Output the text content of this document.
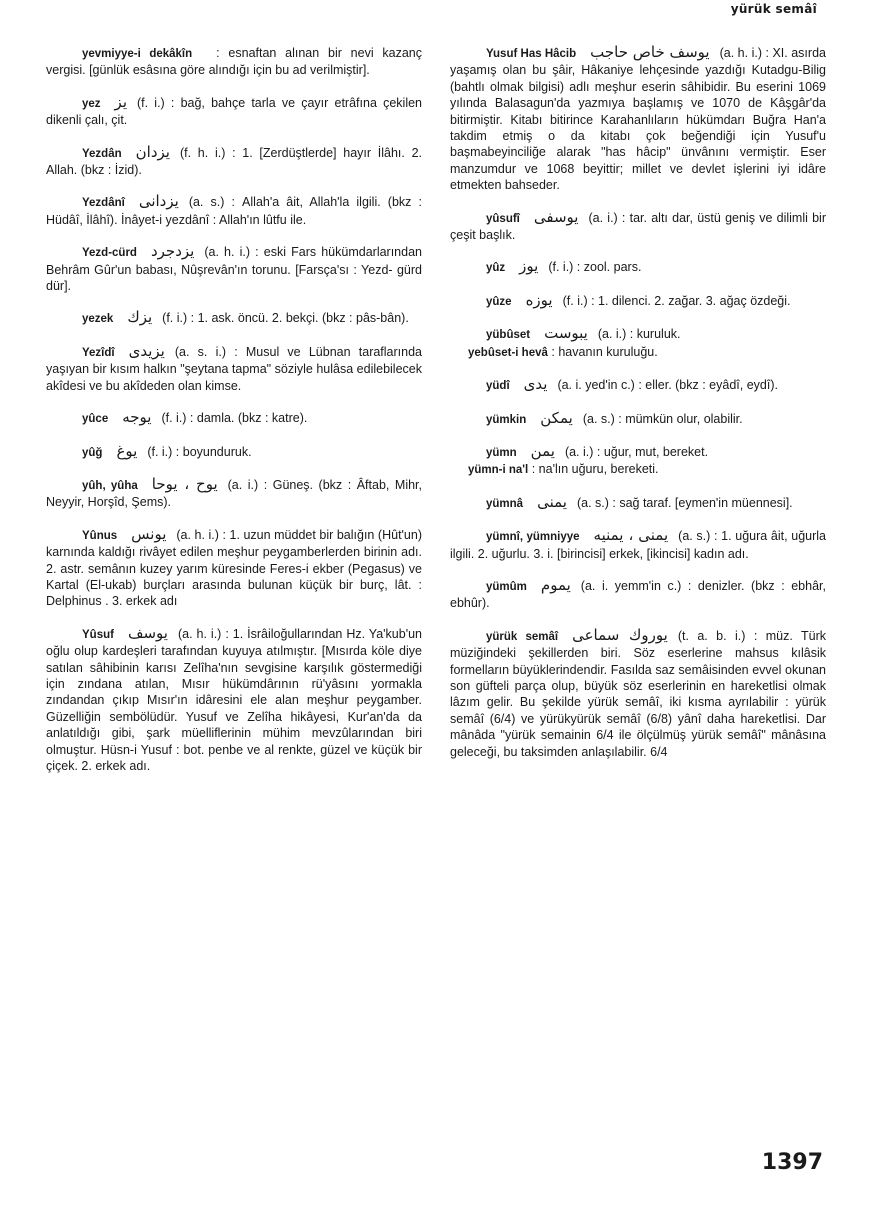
yürük semâî
yevmiyye-i dekâkîn : esnaftan alınan bir nevi kazanç vergisi. [günlük esâsına göre alındığı için bu ad verilmiştir].
yez يز (f. i.) : bağ, bahçe tarla ve çayır etrâfına çekilen dikenli çalı, çit.
Yezdân يزدان (f. h. i.) : 1. [Zerdüştlerde] hayır İlâhı. 2. Allah. (bkz : İzid).
Yezdânî يزدانى (a. s.) : Allah'a âit, Allah'la ilgili. (bkz : Hüdâî, İlâhî). İnâyet-i yezdânî : Allah'ın lûtfu ile.
Yezd-cürd يزدجرد (a. h. i.) : eski Fars hükümdarlarından Behrâm Gûr'un babası, Nûşrevân'ın torunu. [Farsça'sı : Yezd- gürd dür].
yezek يزك (f. i.) : 1. ask. öncü. 2. bekçi. (bkz : pâs-bân).
Yezîdî يزيدى (a. s. i.) : Musul ve Lübnan taraflarında yaşıyan bir kısım halkın "şeytana tapma" söziyle hulâsa edilebilecek akîdesi ve bu akîdeden olan kimse.
yûce يوجه (f. i.) : damla. (bkz : katre).
yûğ يوغ (f. i.) : boyunduruk.
yûh, yûha يوح ، يوحا (a. i.) : Güneş. (bkz : Âftab, Mihr, Neyyir, Horşîd, Şems).
Yûnus يونس (a. h. i.) : 1. uzun müddet bir balığın (Hût'un) karnında kaldığı rivâyet edilen meşhur peygamberlerden birinin adı. 2. astr. semânın kuzey yarım küresinde Feres-i ekber (Pegasus) ve Kartal (El-ukab) burçları arasında bulunan küçük bir burç, lât. : Delphinus . 3. erkek adı
Yûsuf يوسف (a. h. i.) : 1. İsrâiloğullarından Hz. Ya'kub'un oğlu olup kardeşleri tarafından kuyuya atılmıştır. [Mısırda köle diye satılan sâhibinin karısı Zelîha'nın sevgisine karşılık göstermediği için zındana atılan, Mısır hükümdârının rü'yâsını yormakla zındandan çıkıp Mısır'ın idâresini ele alan meşhur peygamber. Güzelliğin sembölüdür. Yusuf ve Zelîha hikâyesi, Kur'an'da da anlatıldığı gibi, şark müelliflerinin mühim mevzûlarından biri olmuştur. Hüsn-i Yusuf : bot. penbe ve al renkte, güzel ve küçük bir çiçek. 2. erkek adı.
Yusuf Has Hâcib يوسف خاص حاجب (a. h. i.) : XI. asırda yaşamış olan bu şâir, Hâkaniye lehçesinde yazdığı Kutadgu-Bilig (bahtlı olmak bilgisi) adlı meşhur eserin sâhibidir. Bu eserini 1069 yılında Balasagun'da yazmıya başlamış ve 1070 de Kâşgâr'da bitirmiştir. Kitabı bitirince Karahanlıların hükümdarı Buğra Han'a takdim etmiş o da kitabı çok beğendiği için Yusuf'u başmabeyinciliğe alarak "has hâcip" ünvânını vermiştir. Eser manzumdur ve 1068 beyittir; millet ve devlet işlerini iyi idâre etmekten bahseder.
yûsufî يوسفى (a. i.) : tar. altı dar, üstü geniş ve dilimli bir çeşit başlık.
yûz يوز (f. i.) : zool. pars.
yûze يوزه (f. i.) : 1. dilenci. 2. zağar. 3. ağaç özdeği.
yübûset يبوست (a. i.) : kuruluk.
yebûset-i hevâ : havanın kuruluğu.
yüdî يدى (a. i. yed'in c.) : eller. (bkz : eyâdî, eydî).
yümkin يمكن (a. s.) : mümkün olur, olabilir.
yümn يمن (a. i.) : uğur, mut, bereket.
yümn-i na'l : na'lın uğuru, bereketi.
yümnâ يمنى (a. s.) : sağ taraf. [eymen'in müennesi].
yümnî, yümniyye يمنى ، يمنيه (a. s.) : 1. uğura âit, uğurla ilgili. 2. uğurlu. 3. i. [birincisi] erkek, [ikincisi] kadın adı.
yümûm يموم (a. i. yemm'in c.) : denizler. (bkz : ebhâr, ebhûr).
yürük semâî يوروك سماعى (t. a. b. i.) : müz. Türk müziğindeki şekillerden biri. Söz eserlerine mahsus kılâsik formelların büyüklerindendir. Fasılda saz semâisinden evvel okunan son güfteli parça olup, büyük söz eserlerinin en hareketlisi olmak lâzım gelir. Bu şekilde yürük semâî, iki kısma ayrılabilir : yürük semâî (6/4) ve yürükyürük semâî (6/8) yânî daha hareketlisi. Dar mânâda "yürük semainin 6/4 ile ölçülmüş yürük semâî" mânâsına geleceği, bu taksimden anlaşılabilir. 6/4
1397
